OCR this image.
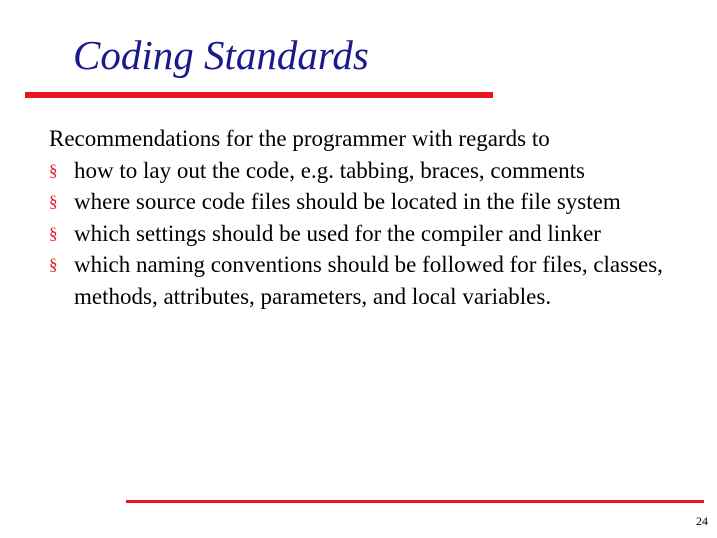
Coding Standards

Recommendations for the programmer with regards to

§ how to lay out the code, e.g. tabbing, braces, comments
§ where source code files should be located in the file system
§ which settings should be used for the compiler and linker
§ which naming conventions should be followed for files, classes, methods, attributes, parameters, and local variables.
24
